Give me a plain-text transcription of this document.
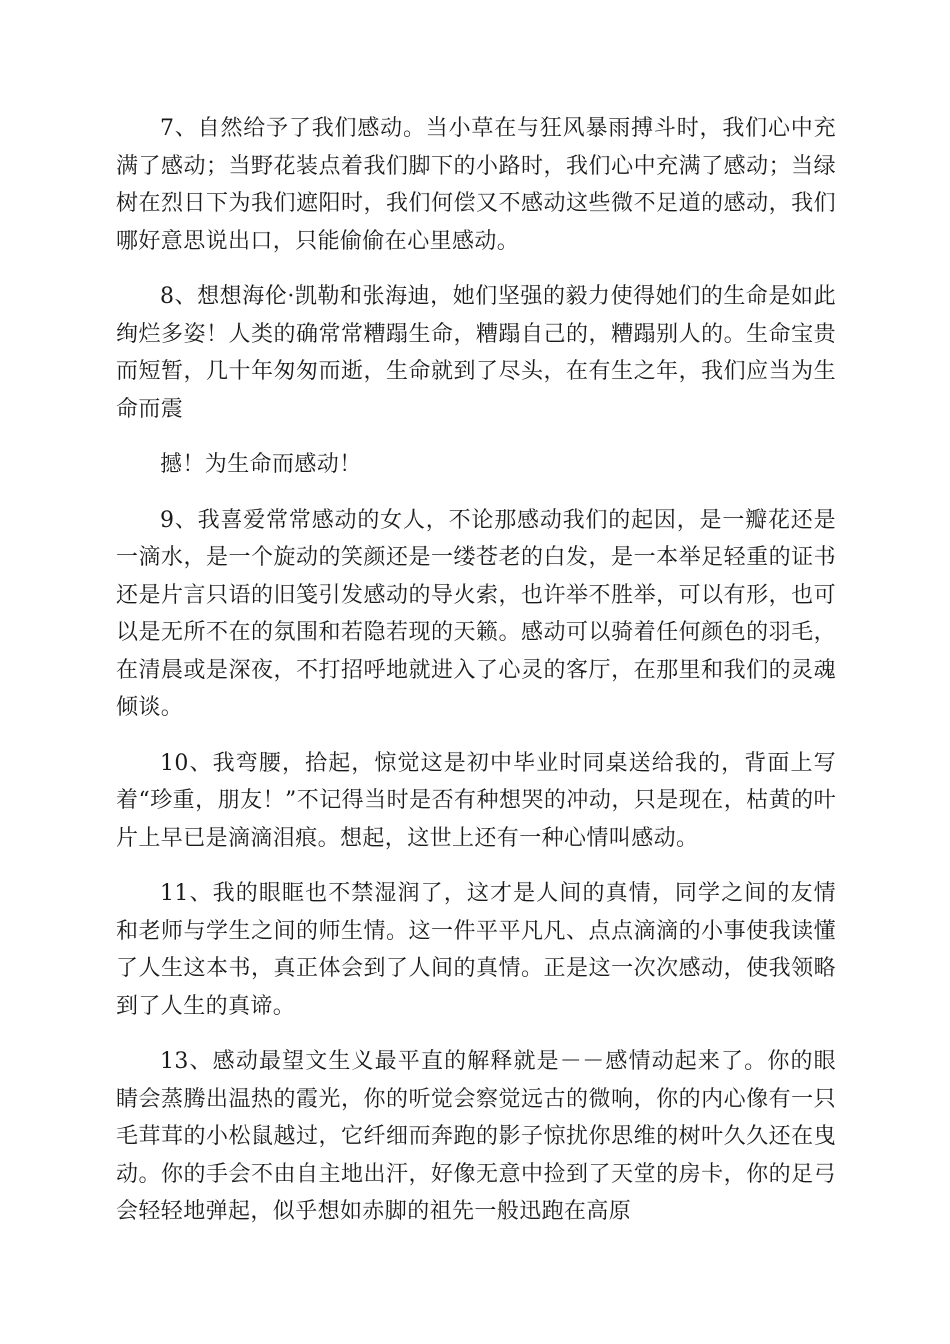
7、自然给予了我们感动。当小草在与狂风暴雨搏斗时，我们心中充满了感动；当野花装点着我们脚下的小路时，我们心中充满了感动；当绿树在烈日下为我们遮阳时，我们何偿又不感动这些微不足道的感动，我们哪好意思说出口，只能偷偷在心里感动。

8、想想海伦·凯勒和张海迪，她们坚强的毅力使得她们的生命是如此绚烂多姿！人类的确常常糟蹋生命，糟蹋自己的，糟蹋别人的。生命宝贵而短暂，几十年匆匆而逝，生命就到了尽头，在有生之年，我们应当为生命而震

撼！为生命而感动！

9、我喜爱常常感动的女人，不论那感动我们的起因，是一瓣花还是一滴水，是一个旋动的笑颜还是一缕苍老的白发，是一本举足轻重的证书还是片言只语的旧笺引发感动的导火索，也许举不胜举，可以有形，也可以是无所不在的氛围和若隐若现的天籁。感动可以骑着任何颜色的羽毛，在清晨或是深夜，不打招呼地就进入了心灵的客厅，在那里和我们的灵魂倾谈。

10、我弯腰，拾起，惊觉这是初中毕业时同桌送给我的，背面上写着“珍重，朋友！”不记得当时是否有种想哭的冲动，只是现在，枯黄的叶片上早已是滴滴泪痕。想起，这世上还有一种心情叫感动。

11、我的眼眶也不禁湿润了，这才是人间的真情，同学之间的友情和老师与学生之间的师生情。这一件平平凡凡、点点滴滴的小事使我读懂了人生这本书，真正体会到了人间的真情。正是这一次次感动，使我领略到了人生的真谛。

13、感动最望文生义最平直的解释就是－－感情动起来了。你的眼睛会蒸腾出温热的霞光，你的听觉会察觉远古的微响，你的内心像有一只毛茸茸的小松鼠越过，它纤细而奔跑的影子惊扰你思维的树叶久久还在曳动。你的手会不由自主地出汗，好像无意中捡到了天堂的房卡，你的足弓会轻轻地弹起，似乎想如赤脚的祖先一般迅跑在高原
